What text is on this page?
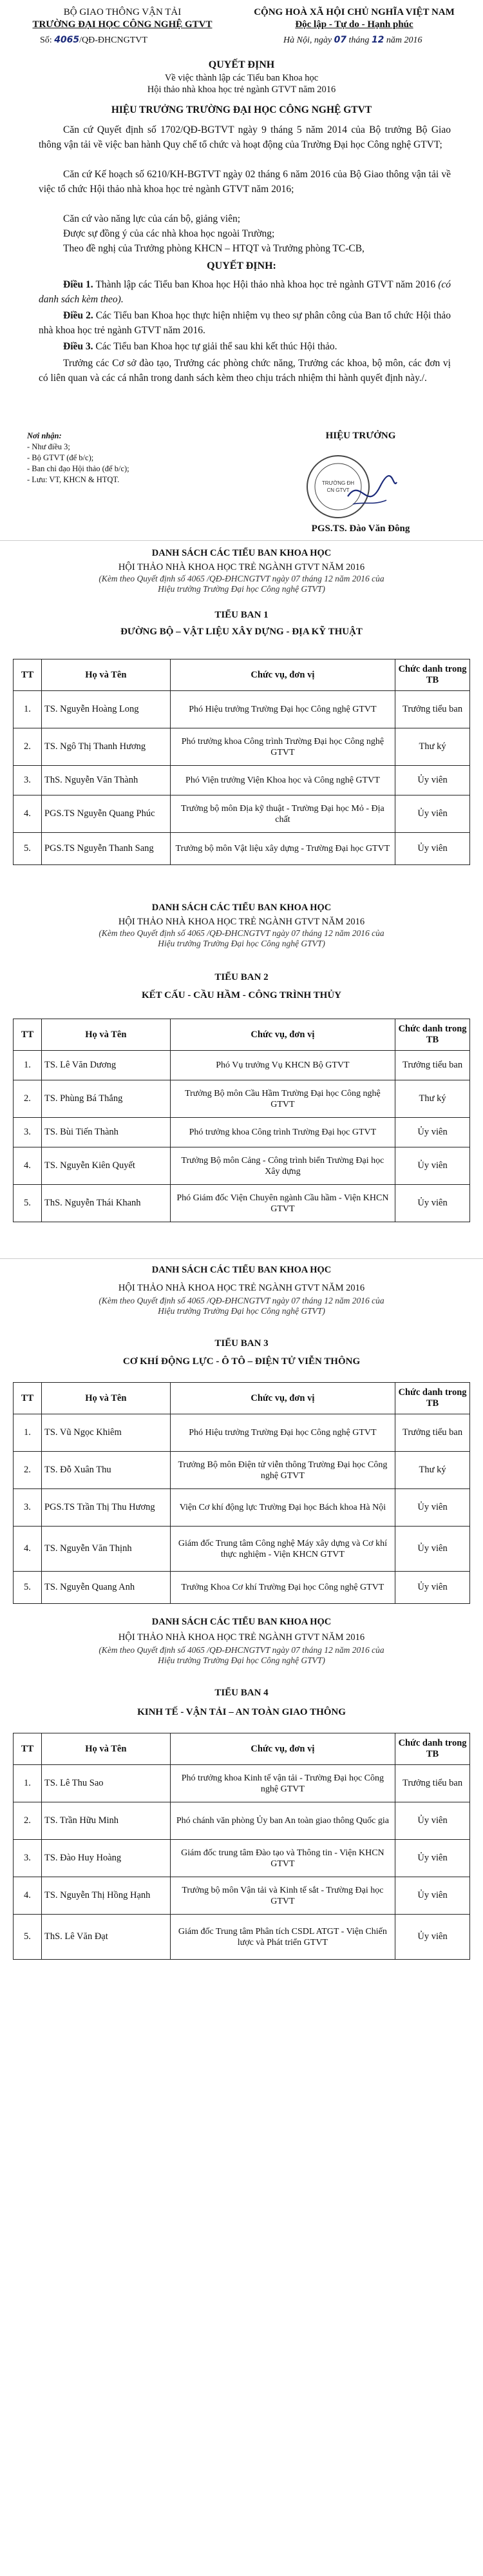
BỘ GIAO THÔNG VẬN TẢI
TRƯỜNG ĐẠI HỌC CÔNG NGHỆ GTVT
CỘNG HOÀ XÃ HỘI CHỦ NGHĨA VIỆT NAM
Độc lập - Tự do - Hạnh phúc
Số: 4065/QĐ-ĐHCNGTVT	Hà Nội, ngày 07 tháng 12 năm 2016
QUYẾT ĐỊNH
Về việc thành lập các Tiểu ban Khoa học
Hội thảo nhà khoa học trẻ ngành GTVT năm 2016
HIỆU TRƯỞNG TRƯỜNG ĐẠI HỌC CÔNG NGHỆ GTVT
Căn cứ Quyết định số 1702/QĐ-BGTVT ngày 9 tháng 5 năm 2014 của Bộ trưởng Bộ Giao thông vận tải về việc ban hành Quy chế tổ chức và hoạt động của Trường Đại học Công nghệ GTVT;
Căn cứ Kế hoạch số 6210/KH-BGTVT ngày 02 tháng 6 năm 2016 của Bộ Giao thông vận tải về việc tổ chức Hội thảo nhà khoa học trẻ ngành GTVT năm 2016;
Căn cứ vào năng lực của cán bộ, giảng viên;
Được sự đồng ý của các nhà khoa học ngoài Trường;
Theo đề nghị của Trưởng phòng KHCN – HTQT và Trưởng phòng TC-CB,
QUYẾT ĐỊNH:
Điều 1. Thành lập các Tiểu ban Khoa học Hội thảo nhà khoa học trẻ ngành GTVT năm 2016 (có danh sách kèm theo).
Điều 2. Các Tiểu ban Khoa học thực hiện nhiệm vụ theo sự phân công của Ban tổ chức Hội thảo nhà khoa học trẻ ngành GTVT năm 2016.
Điều 3. Các Tiểu ban Khoa học tự giải thể sau khi kết thúc Hội thảo.
Trưởng các Cơ sở đào tạo, Trưởng các phòng chức năng, Trưởng các khoa, bộ môn, các đơn vị có liên quan và các cá nhân trong danh sách kèm theo chịu trách nhiệm thi hành quyết định này./.
Nơi nhận:
- Như điều 3;
- Bộ GTVT (để b/c);
- Ban chỉ đạo Hội thảo (để b/c);
- Lưu: VT, KHCN & HTQT.
HIỆU TRƯỞNG
TRƯỜNG ĐH
CN GTVT
PGS.TS. Đào Văn Đông
DANH SÁCH CÁC TIỂU BAN KHOA HỌC
HỘI THẢO NHÀ KHOA HỌC TRẺ NGÀNH GTVT NĂM 2016
(Kèm theo Quyết định số 4065 /QĐ-ĐHCNGTVT ngày 07 tháng 12 năm 2016 của
Hiệu trưởng Trường Đại học Công nghệ GTVT)
TIỂU BAN 1
ĐƯỜNG BỘ – VẬT LIỆU XÂY DỰNG - ĐỊA KỸ THUẬT
TT	Họ và Tên	Chức vụ, đơn vị	Chức danh trong TB
1.	TS. Nguyễn Hoàng Long	Phó Hiệu trưởng Trường Đại học Công nghệ GTVT	Trưởng tiểu ban
2.	TS. Ngô Thị Thanh Hương	Phó trưởng khoa Công trình Trường Đại học Công nghệ GTVT	Thư ký
3.	ThS. Nguyễn Văn Thành	Phó Viện trưởng Viện Khoa học và Công nghệ GTVT	Ủy viên
4.	PGS.TS Nguyễn Quang Phúc	Trưởng bộ môn Địa kỹ thuật - Trường Đại học Mỏ - Địa chất	Ủy viên
5.	PGS.TS Nguyễn Thanh Sang	Trưởng bộ môn Vật liệu xây dựng - Trường Đại học GTVT	Ủy viên
DANH SÁCH CÁC TIỂU BAN KHOA HỌC
HỘI THẢO NHÀ KHOA HỌC TRẺ NGÀNH GTVT NĂM 2016
(Kèm theo Quyết định số 4065 /QĐ-ĐHCNGTVT ngày 07 tháng 12 năm 2016 của
Hiệu trưởng Trường Đại học Công nghệ GTVT)
TIỂU BAN 2
KẾT CẤU - CẦU HẦM - CÔNG TRÌNH THỦY
TT	Họ và Tên	Chức vụ, đơn vị	Chức danh trong TB
1.	TS. Lê Văn Dương	Phó Vụ trưởng Vụ KHCN Bộ GTVT	Trưởng tiểu ban
2.	TS. Phùng Bá Thắng	Trưởng Bộ môn Cầu Hầm Trường Đại học Công nghệ GTVT	Thư ký
3.	TS. Bùi Tiến Thành	Phó trưởng khoa Công trình Trường Đại học GTVT	Ủy viên
4.	TS. Nguyễn Kiên Quyết	Trưởng Bộ môn Cảng - Công trình biển Trường Đại học Xây dựng	Ủy viên
5.	ThS. Nguyễn Thái Khanh	Phó Giám đốc Viện Chuyên ngành Cầu hầm - Viện KHCN GTVT	Ủy viên
DANH SÁCH CÁC TIỂU BAN KHOA HỌC
HỘI THẢO NHÀ KHOA HỌC TRẺ NGÀNH GTVT NĂM 2016
(Kèm theo Quyết định số 4065 /QĐ-ĐHCNGTVT ngày 07 tháng 12 năm 2016 của
Hiệu trưởng Trường Đại học Công nghệ GTVT)
TIỂU BAN 3
CƠ KHÍ ĐỘNG LỰC - Ô TÔ – ĐIỆN TỬ VIỄN THÔNG
TT	Họ và Tên	Chức vụ, đơn vị	Chức danh trong TB
1.	TS. Vũ Ngọc Khiêm	Phó Hiệu trưởng Trường Đại học Công nghệ GTVT	Trưởng tiểu ban
2.	TS. Đỗ Xuân Thu	Trưởng Bộ môn Điện tử viễn thông Trường Đại học Công nghệ GTVT	Thư ký
3.	PGS.TS Trần Thị Thu Hương	Viện Cơ khí động lực Trường Đại học Bách khoa Hà Nội	Ủy viên
4.	TS. Nguyễn Văn Thịnh	Giám đốc Trung tâm Công nghệ Máy xây dựng và Cơ khí thực nghiệm - Viện KHCN GTVT	Ủy viên
5.	TS. Nguyễn Quang Anh	Trưởng Khoa Cơ khí Trường Đại học Công nghệ GTVT	Ủy viên
DANH SÁCH CÁC TIỂU BAN KHOA HỌC
HỘI THẢO NHÀ KHOA HỌC TRẺ NGÀNH GTVT NĂM 2016
(Kèm theo Quyết định số 4065 /QĐ-ĐHCNGTVT ngày 07 tháng 12 năm 2016 của
Hiệu trưởng Trường Đại học Công nghệ GTVT)
TIỂU BAN 4
KINH TẾ - VẬN TẢI – AN TOÀN GIAO THÔNG
TT	Họ và Tên	Chức vụ, đơn vị	Chức danh trong TB
1.	TS. Lê Thu Sao	Phó trưởng khoa Kinh tế vận tải - Trường Đại học Công nghệ GTVT	Trưởng tiểu ban
2.	TS. Trần Hữu Minh	Phó chánh văn phòng Ủy ban An toàn giao thông Quốc gia	Ủy viên
3.	TS. Đào Huy Hoàng	Giám đốc trung tâm Đào tạo và Thông tin - Viện KHCN GTVT	Ủy viên
4.	TS. Nguyễn Thị Hồng Hạnh	Trưởng bộ môn Vận tải và Kinh tế sắt - Trường Đại học GTVT	Ủy viên
5.	ThS. Lê Văn Đạt	Giám đốc Trung tâm Phân tích CSDL ATGT - Viện Chiến lược và Phát triển GTVT	Ủy viên
